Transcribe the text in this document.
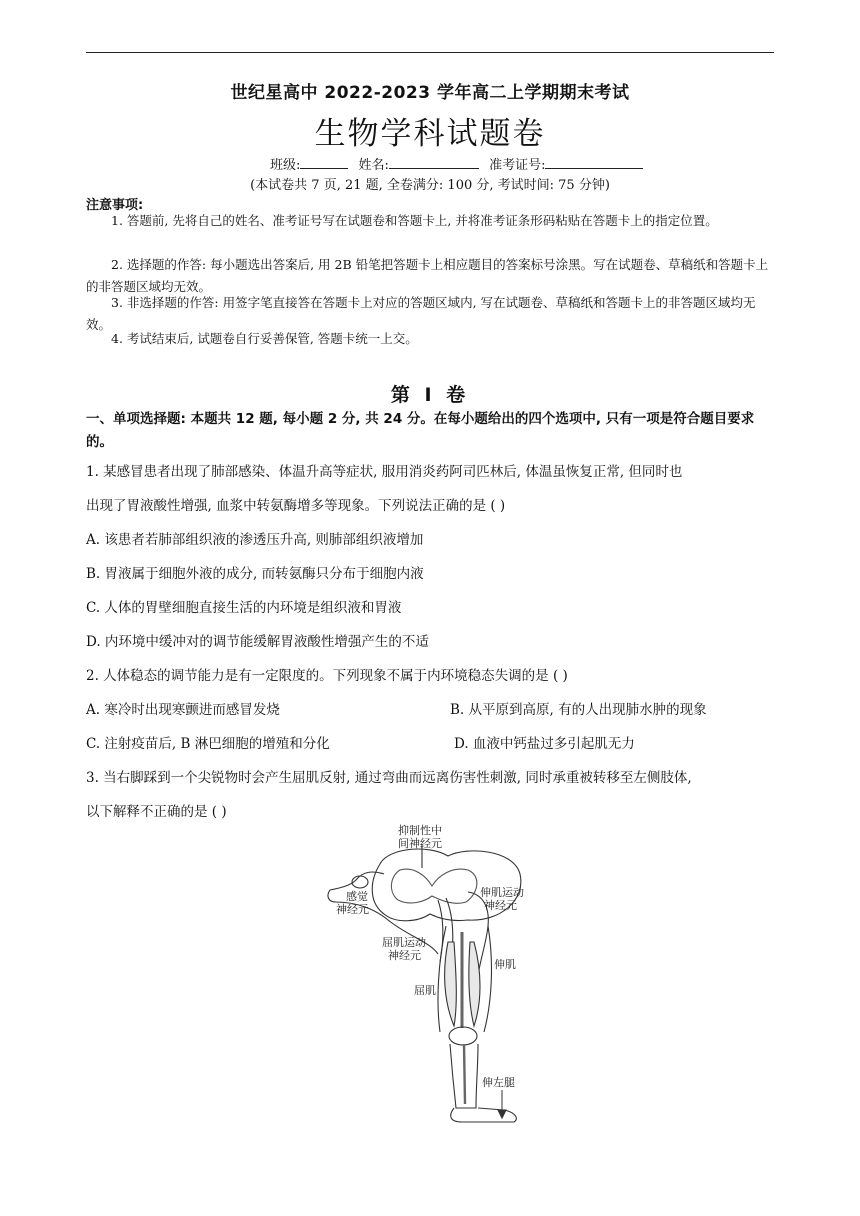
世纪星高中 2022-2023 学年高二上学期期末考试
生物学科试题卷
班级:	姓名:	准考证号:
(本试卷共 7 页, 21 题, 全卷满分: 100 分, 考试时间: 75 分钟)
注意事项:
1. 答题前, 先将自己的姓名、准考证号写在试题卷和答题卡上, 并将准考证条形码粘贴在答题卡上的指定位置。
2. 选择题的作答: 每小题选出答案后, 用 2B 铅笔把答题卡上相应题目的答案标号涂黑。写在试题卷、草稿纸和答题卡上的非答题区域均无效。
3. 非选择题的作答: 用签字笔直接答在答题卡上对应的答题区域内, 写在试题卷、草稿纸和答题卡上的非答题区域均无效。
4. 考试结束后, 试题卷自行妥善保管, 答题卡统一上交。
第 I 卷
一、单项选择题: 本题共 12 题, 每小题 2 分, 共 24 分。在每小题给出的四个选项中, 只有一项是符合题目要求的。
1. 某感冒患者出现了肺部感染、体温升高等症状, 服用消炎药阿司匹林后, 体温虽恢复正常, 但同时也
出现了胃液酸性增强, 血浆中转氨酶增多等现象。下列说法正确的是 ( )
A. 该患者若肺部组织液的渗透压升高, 则肺部组织液增加
B. 胃液属于细胞外液的成分, 而转氨酶只分布于细胞内液
C. 人体的胃壁细胞直接生活的内环境是组织液和胃液
D. 内环境中缓冲对的调节能缓解胃液酸性增强产生的不适
2. 人体稳态的调节能力是有一定限度的。下列现象不属于内环境稳态失调的是 ( )
A. 寒冷时出现寒颤进而感冒发烧	B. 从平原到高原, 有的人出现肺水肿的现象
C. 注射疫苗后, B 淋巴细胞的增殖和分化	D. 血液中钙盐过多引起肌无力
3. 当右脚踩到一个尖锐物时会产生屈肌反射, 通过弯曲而远离伤害性刺激, 同时承重被转移至左侧肢体,
以下解释不正确的是 ( )
抑制性中
间神经元
感觉
神经元
伸肌运动
神经元
屈肌运动
神经元
伸肌
屈肌
伸左腿
